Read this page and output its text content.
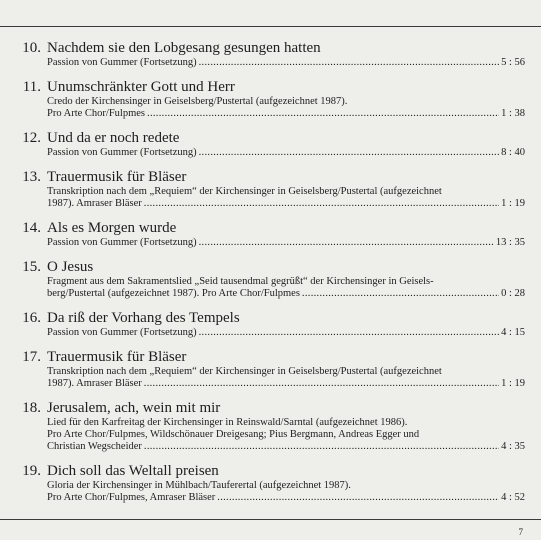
10. Nachdem sie den Lobgesang gesungen hatten
Passion von Gummer (Fortsetzung) .....	5 : 56
11. Unumschränkter Gott und Herr
Credo der Kirchensinger in Geiselsberg/Pustertal (aufgezeichnet 1987).
Pro Arte Chor/Fulpmes .....	1 : 38
12. Und da er noch redete
Passion von Gummer (Fortsetzung) .....	8 : 40
13. Trauermusik für Bläser
Transkription nach dem „Requiem“ der Kirchensinger in Geiselsberg/Pustertal (aufgezeichnet
1987). Amraser Bläser .....	1 : 19
14. Als es Morgen wurde
Passion von Gummer (Fortsetzung) .....	13 : 35
15. O Jesus
Fragment aus dem Sakramentslied „Seid tausendmal gegrüßt“ der Kirchensinger in Geisels-
berg/Pustertal (aufgezeichnet 1987). Pro Arte Chor/Fulpmes .....	0 : 28
16. Da riß der Vorhang des Tempels
Passion von Gummer (Fortsetzung) .....	4 : 15
17. Trauermusik für Bläser
Transkription nach dem „Requiem“ der Kirchensinger in Geiselsberg/Pustertal (aufgezeichnet
1987). Amraser Bläser .....	1 : 19
18. Jerusalem, ach, wein mit mir
Lied für den Karfreitag der Kirchensinger in Reinswald/Sarntal (aufgezeichnet 1986).
Pro Arte Chor/Fulpmes, Wildschönauer Dreigesang; Pius Bergmann, Andreas Egger und
Christian Wegscheider .....	4 : 35
19. Dich soll das Weltall preisen
Gloria der Kirchensinger in Mühlbach/Tauferertal (aufgezeichnet 1987).
Pro Arte Chor/Fulpmes, Amraser Bläser .....	4 : 52
7
